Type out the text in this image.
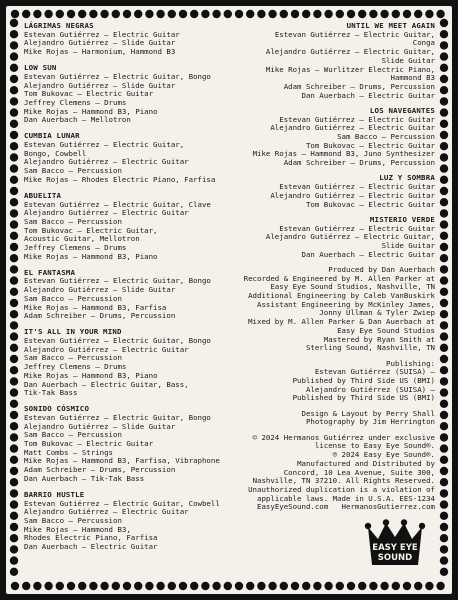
LÁGRIMAS NEGRAS
Estevan Gutiérrez – Electric Guitar
Alejandro Gutiérrez – Slide Guitar
Mike Rojas – Harmonium, Hammond B3
LOW SUN
Estevan Gutiérrez – Electric Guitar, Bongo
Alejandro Gutiérrez – Slide Guitar
Tom Bukovac – Electric Guitar
Jeffrey Clemens – Drums
Mike Rojas – Hammond B3, Piano
Dan Auerbach – Mellotron
CUMBIA LUNAR
Estevan Gutiérrez – Electric Guitar,
Bongo, Cowbell
Alejandro Gutiérrez – Electric Guitar
Sam Bacco – Percussion
Mike Rojas – Rhodes Electric Piano, Farfisa
ABUELITA
Estevan Gutiérrez – Electric Guitar, Clave
Alejandro Gutiérrez – Electric Guitar
Sam Bacco – Percussion
Tom Bukovac – Electric Guitar,
Acoustic Guitar, Mellotron
Jeffrey Clemens – Drums
Mike Rojas – Hammond B3, Piano
EL FANTASMA
Estevan Gutiérrez – Electric Guitar, Bongo
Alejandro Gutiérrez – Slide Guitar
Sam Bacco – Percussion
Mike Rojas – Hammond B3, Farfisa
Adam Schreiber – Drums, Percussion
IT'S ALL IN YOUR MIND
Estevan Gutiérrez – Electric Guitar, Bongo
Alejandro Gutiérrez – Electric Guitar
Sam Bacco – Percussion
Jeffrey Clemens – Drums
Mike Rojas – Hammond B3, Piano
Dan Auerbach – Electric Guitar, Bass,
Tik-Tak Bass
SONIDO CÓSMICO
Estevan Gutiérrez – Electric Guitar, Bongo
Alejandro Gutiérrez – Slide Guitar
Sam Bacco – Percussion
Tom Bukovac – Electric Guitar
Matt Combs – Strings
Mike Rojas – Hammond B3, Farfisa, Vibraphone
Adam Schreiber – Drums, Percussion
Dan Auerbach – Tik-Tak Bass
BARRIO HUSTLE
Estevan Gutiérrez – Electric Guitar, Cowbell
Alejandro Gutiérrez – Electric Guitar
Sam Bacco – Percussion
Mike Rojas – Hammond B3,
Rhodes Electric Piano, Farfisa
Dan Auerbach – Electric Guitar
UNTIL WE MEET AGAIN
Estevan Gutiérrez – Electric Guitar,
Conga
Alejandro Gutiérrez – Electric Guitar,
Slide Guitar
Mike Rojas – Wurlitzer Electric Piano,
Hammond B3
Adam Schreiber – Drums, Percussion
Dan Auerbach – Electric Guitar
LOS NAVEGANTES
Estevan Gutiérrez – Electric Guitar
Alejandro Gutiérrez – Electric Guitar
Sam Bacco – Percussion
Tom Bukovac – Electric Guitar
Mike Rojas – Hammond B3, Juno Synthesizer
Adam Schreiber – Drums, Percussion
LUZ Y SOMBRA
Estevan Gutiérrez – Electric Guitar
Alejandro Gutiérrez – Electric Guitar
Tom Bukovac – Electric Guitar
MISTERIO VERDE
Estevan Gutiérrez – Electric Guitar
Alejandro Gutiérrez – Electric Guitar,
Slide Guitar
Dan Auerbach – Electric Guitar
Produced by Dan Auerbach
Recorded & Engineered by M. Allen Parker at
Easy Eye Sound Studios, Nashville, TN
Additional Engineering by Caleb VanBuskirk
Assistant Engineering by McKinley James,
Jonny Ullman & Tyler Zwiep
Mixed by M. Allen Parker & Dan Auerbach at
Easy Eye Sound Studios
Mastered by Ryan Smith at
Sterling Sound, Nashville, TN
Publishing:
Estevan Gutiérrez (SUISA) –
Published by Third Side US (BMI)
Alejandro Gutiérrez (SUISA) –
Published by Third Side US (BMI)
Design & Layout by Perry Shall
Photography by Jim Herrington
© 2024 Hermanos Gutiérrez under exclusive
license to Easy Eye Sound®.
℗ 2024 Easy Eye Sound®.
Manufactured and Distributed by
Concord, 10 Lea Avenue, Suite 300,
Nashville, TN 37210. All Rights Reserved.
Unauthorized duplication is a violation of
applicable laws. Made in U.S.A. EES-1234
EasyEyeSound.com   HermanosGutierrez.com
EASY EYE
SOUND
